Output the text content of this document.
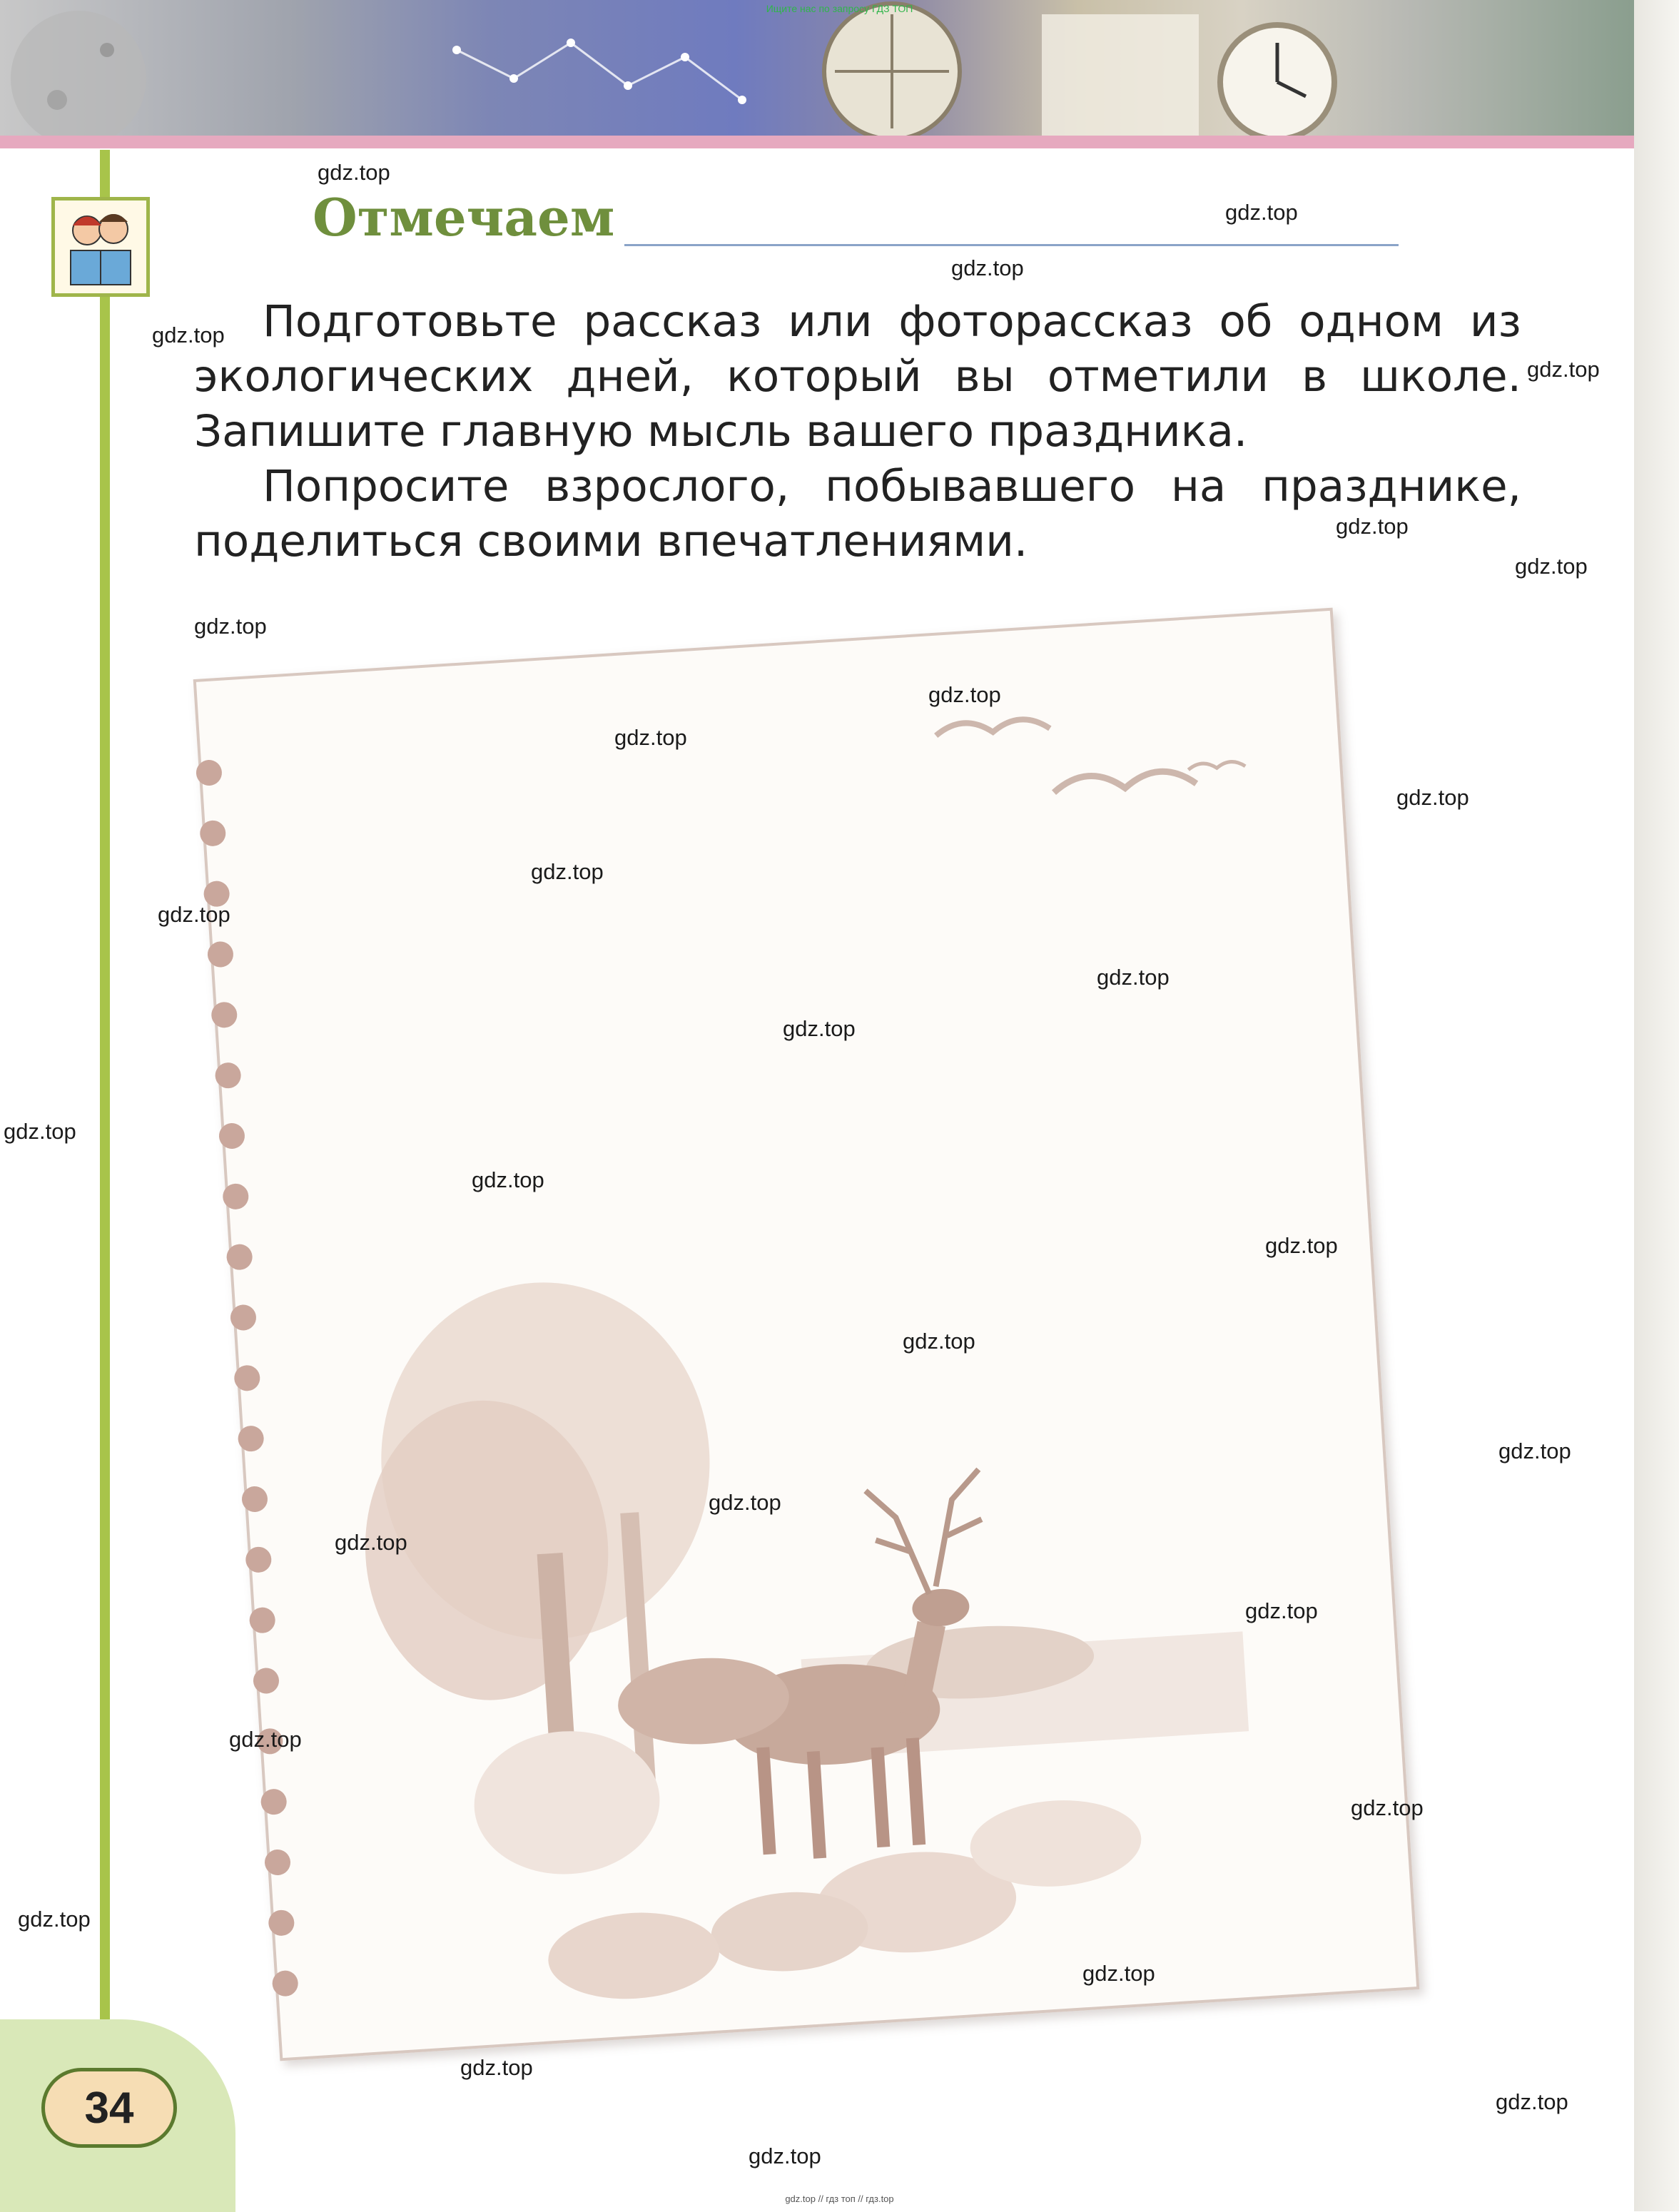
Ищите нас по запросу ГДЗ ТОП
34
Отмечаем

Подготовьте рассказ или фоторассказ об одном из экологических дней, который вы отметили в школе. Запишите главную мысль вашего праздника.

Попросите взрослого, побывавшего на празднике, поделиться своими впечатлениями.

gdz.top
gdz.top
gdz.top
gdz.top
gdz.top
gdz.top
gdz.top
gdz.top
gdz.top
gdz.top
gdz.top
gdz.top
gdz.top
gdz.top
gdz.top
gdz.top
gdz.top
gdz.top
gdz.top
gdz.top
gdz.top
gdz.top
gdz.top
gdz.top
gdz.top
gdz.top
gdz.top
gdz.top
gdz.top
gdz.top
gdz.top // гдз топ // гдз.top
